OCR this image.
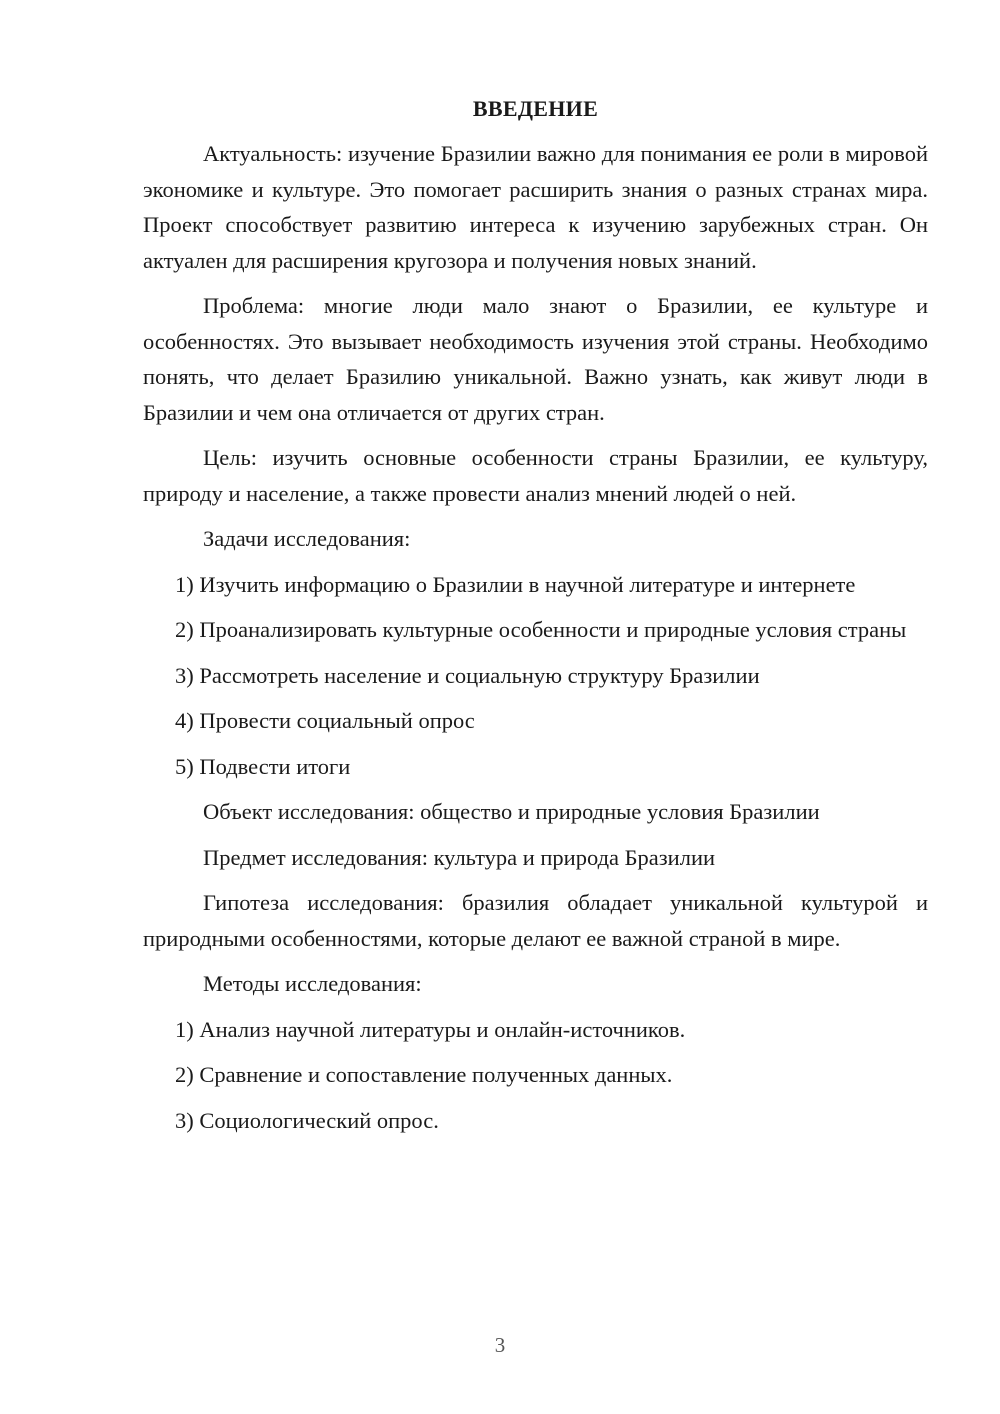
ВВЕДЕНИЕ
Актуальность: изучение Бразилии важно для понимания ее роли в мировой экономике и культуре. Это помогает расширить знания о разных странах мира. Проект способствует развитию интереса к изучению зарубежных стран. Он актуален для расширения кругозора и получения новых знаний.
Проблема: многие люди мало знают о Бразилии, ее культуре и особенностях. Это вызывает необходимость изучения этой страны. Необходимо понять, что делает Бразилию уникальной. Важно узнать, как живут люди в Бразилии и чем она отличается от других стран.
Цель: изучить основные особенности страны Бразилии, ее культуру, природу и население, а также провести анализ мнений людей о ней.
Задачи исследования:
1) Изучить информацию о Бразилии в научной литературе и интернете
2) Проанализировать культурные особенности и природные условия страны
3) Рассмотреть население и социальную структуру Бразилии
4) Провести социальный опрос
5) Подвести итоги
Объект исследования: общество и природные условия Бразилии
Предмет исследования: культура и природа Бразилии
Гипотеза исследования: бразилия обладает уникальной культурой и природными особенностями, которые делают ее важной страной в мире.
Методы исследования:
1) Анализ научной литературы и онлайн-источников.
2) Сравнение и сопоставление полученных данных.
3) Социологический опрос.
3
